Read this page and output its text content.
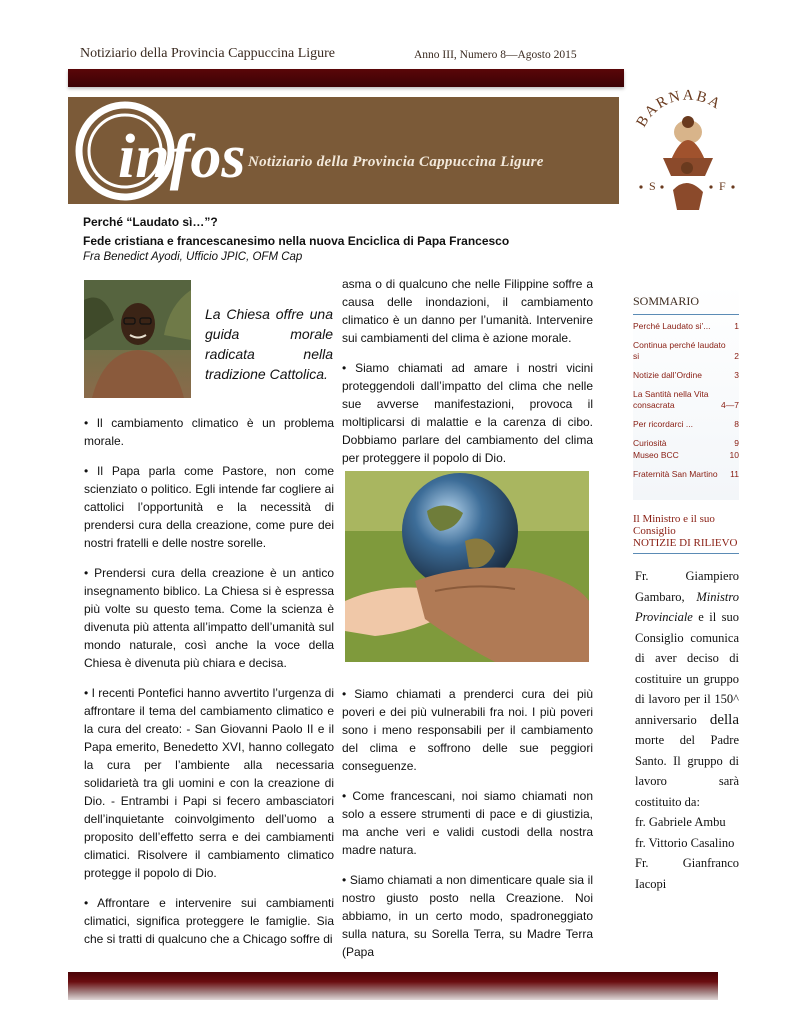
Notiziario della Provincia Cappuccina Ligure	Anno III, Numero 8—Agosto 2015
infos Notiziario della Provincia Cappuccina Ligure
BARNABA
S	F
Perché “Laudato sì…”?
Fede cristiana e francescanesimo nella nuova Enciclica di Papa Francesco
Fra Benedict Ayodi, Ufficio JPIC, OFM Cap
La Chiesa offre una guida morale radicata nella tradizione Cattolica.

• Il cambiamento climatico è un problema morale.

• Il Papa parla come Pastore, non come scienziato o politico. Egli intende far cogliere ai cattolici l’opportunità e la necessità di prendersi cura della creazione, come pure dei nostri fratelli e delle nostre sorelle.

• Prendersi cura della creazione è un antico insegnamento biblico. La Chiesa si è espressa più volte su questo tema. Come la scienza è divenuta più attenta all’impatto dell’umanità sul mondo naturale, così anche la voce della Chiesa è divenuta più chiara e decisa.

• I recenti Pontefici hanno avvertito l’urgenza di affrontare il tema del cambiamento climatico e la cura del creato: - San Giovanni Paolo II e il Papa emerito, Benedetto XVI, hanno collegato la cura per l’ambiente alla necessaria solidarietà tra gli uomini e con la creazione di Dio. - Entrambi i Papi si fecero ambasciatori dell’inquietante coinvolgimento dell’uomo a proposito dell’effetto serra e dei cambiamenti climatici. Risolvere il cambiamento climatico protegge il popolo di Dio.

• Affrontare e intervenire sui cambiamenti climatici, significa proteggere le famiglie. Sia che si tratti di qualcuno che a Chicago soffre di

asma o di qualcuno che nelle Filippine soffre a causa delle inondazioni, il cambiamento climatico è un danno per l’umanità. Intervenire sui cambiamenti del clima è azione morale.

• Siamo chiamati ad amare i nostri vicini proteggendoli dall’impatto del clima che nelle sue avverse manifestazioni, provoca il moltiplicarsi di malattie e la carenza di cibo. Dobbiamo parlare del cambiamento del clima per proteggere il popolo di Dio.

• Siamo chiamati a prenderci cura dei più poveri e dei più vulnerabili fra noi. I più poveri sono i meno responsabili per il cambiamento del clima e soffrono delle sue peggiori conseguenze.

• Come francescani, noi siamo chiamati non solo a essere strumenti di pace e di giustizia, ma anche veri e validi custodi della nostra madre natura.

• Siamo chiamati a non dimenticare quale sia il nostro giusto posto nella Creazione. Noi abbiamo, in un certo modo, spadroneggiato sulla natura, su Sorella Terra, su Madre Terra (Papa

SOMMARIO
Perché Laudato si’...	1
Continua perché laudato si	2
Notizie dall’Ordine	3
La Santità nella Vita consacrata	4—7
Per ricordarci ...	8
Curiosità	9
Museo BCC	10
Fraternità San Martino 11
Il Ministro e il suo Consiglio
NOTIZIE DI RILIEVO
Fr. Giampiero Gambaro, Ministro Provinciale e il suo Consiglio comunica di aver deciso di costituire un gruppo di lavoro per il 150^ anniversario della morte del Padre Santo. Il gruppo di lavoro sarà costituito da:
fr. Gabriele Ambu
fr. Vittorio Casalino
Fr. Gianfranco Iacopi
